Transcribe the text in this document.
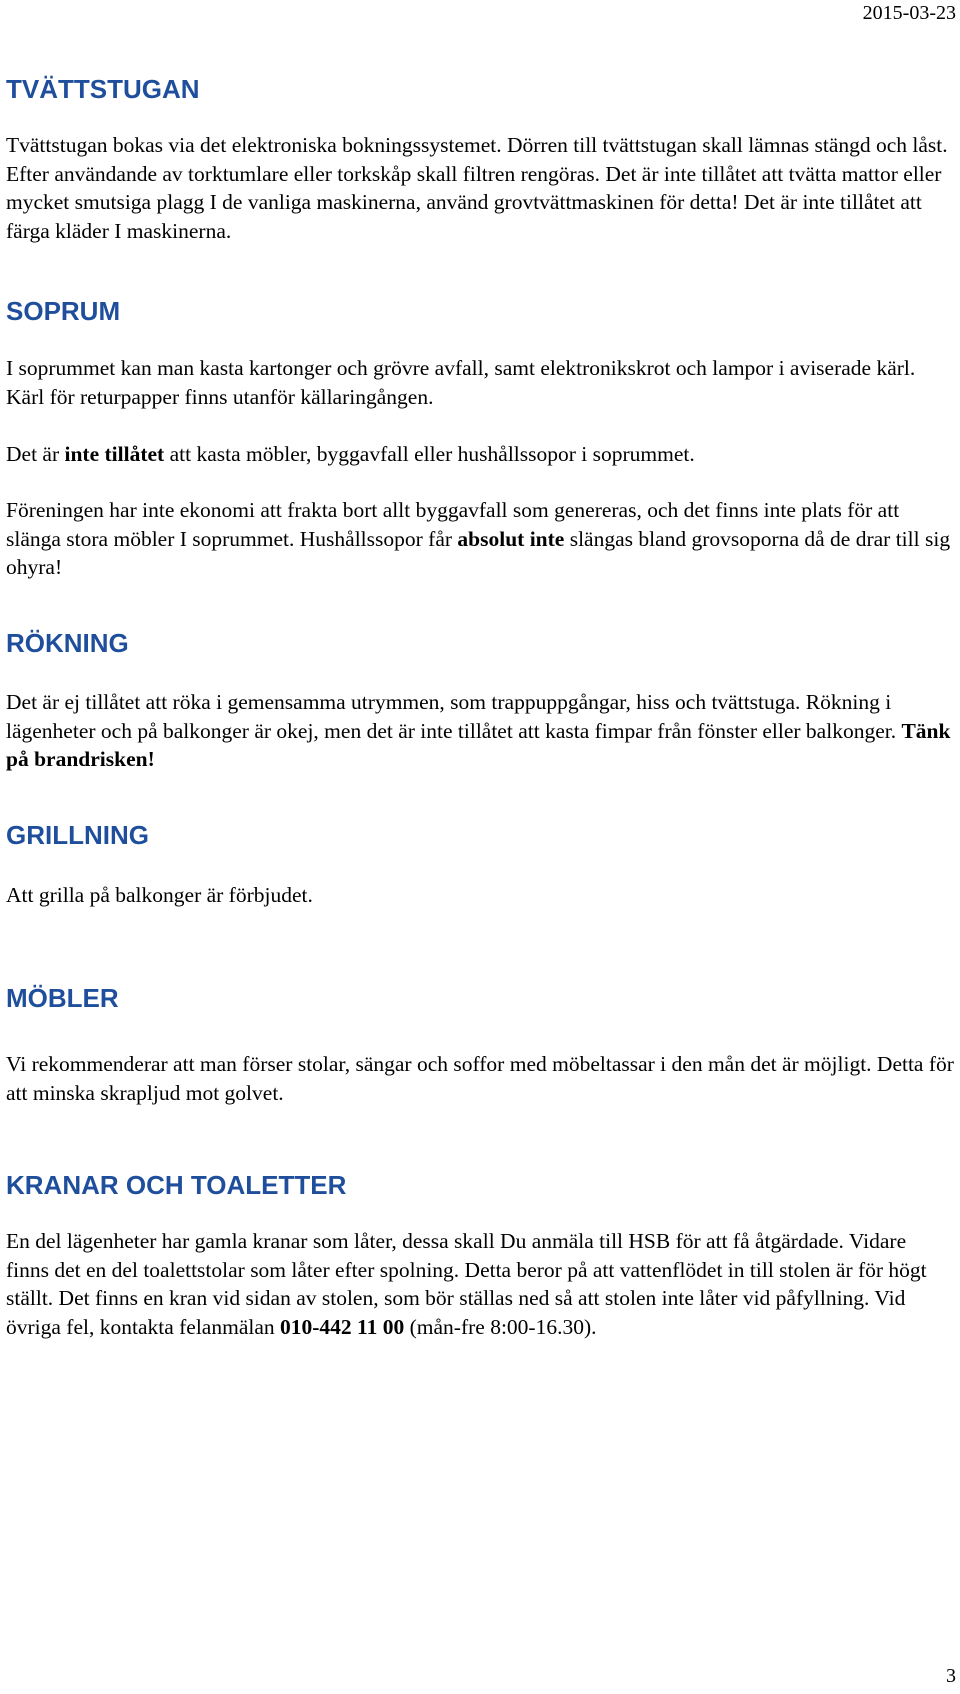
2015-03-23
TVÄTTSTUGAN

Tvättstugan bokas via det elektroniska bokningssystemet. Dörren till tvättstugan skall lämnas stängd och låst. Efter användande av torktumlare eller torkskåp skall filtren rengöras. Det är inte tillåtet att tvätta mattor eller mycket smutsiga plagg I de vanliga maskinerna, använd grovtvättmaskinen för detta! Det är inte tillåtet att färga kläder I maskinerna.

SOPRUM

I soprummet kan man kasta kartonger och grövre avfall, samt elektronikskrot och lampor i aviserade kärl. Kärl för returpapper finns utanför källaringången.

Det är inte tillåtet att kasta möbler, byggavfall eller hushållssopor i soprummet.

Föreningen har inte ekonomi att frakta bort allt byggavfall som genereras, och det finns inte plats för att slänga stora möbler I soprummet. Hushållssopor får absolut inte slängas bland grovsoporna då de drar till sig ohyra!

RÖKNING

Det är ej tillåtet att röka i gemensamma utrymmen, som trappuppgångar, hiss och tvättstuga. Rökning i lägenheter och på balkonger är okej, men det är inte tillåtet att kasta fimpar från fönster eller balkonger. Tänk på brandrisken!

GRILLNING

Att grilla på balkonger är förbjudet.

MÖBLER

Vi rekommenderar att man förser stolar, sängar och soffor med möbeltassar i den mån det är möjligt. Detta för att minska skrapljud mot golvet.

KRANAR OCH TOALETTER

En del lägenheter har gamla kranar som låter, dessa skall Du anmäla till HSB för att få åtgärdade. Vidare finns det en del toalettstolar som låter efter spolning. Detta beror på att vattenflödet in till stolen är för högt ställt. Det finns en kran vid sidan av stolen, som bör ställas ned så att stolen inte låter vid påfyllning. Vid övriga fel, kontakta felanmälan 010-442 11 00 (mån-fre 8:00-16.30).

3
